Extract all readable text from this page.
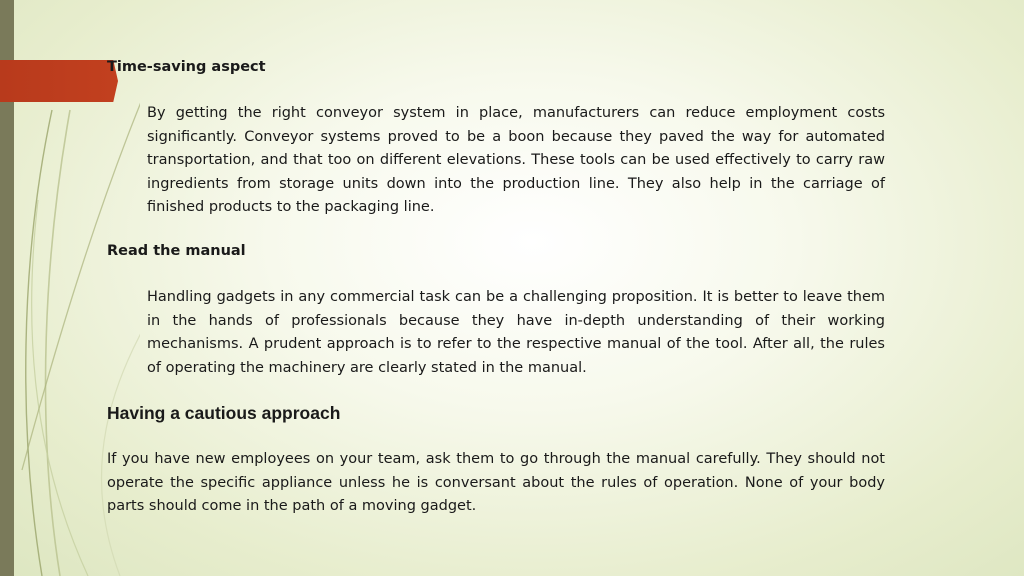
Time-saving aspect

By getting the right conveyor system in place, manufacturers can reduce employment costs significantly. Conveyor systems proved to be a boon because they paved the way for automated transportation, and that too on different elevations. These tools can be used effectively to carry raw ingredients from storage units down into the production line. They also help in the carriage of finished products to the packaging line.

Read the manual

Handling gadgets in any commercial task can be a challenging proposition. It is better to leave them in the hands of professionals because they have in-depth understanding of their working mechanisms. A prudent approach is to refer to the respective manual of the tool. After all, the rules of operating the machinery are clearly stated in the manual.

Having a cautious approach

If you have new employees on your team, ask them to go through the manual carefully. They should not operate the specific appliance unless he is conversant about the rules of operation. None of your body parts should come in the path of a moving gadget.
